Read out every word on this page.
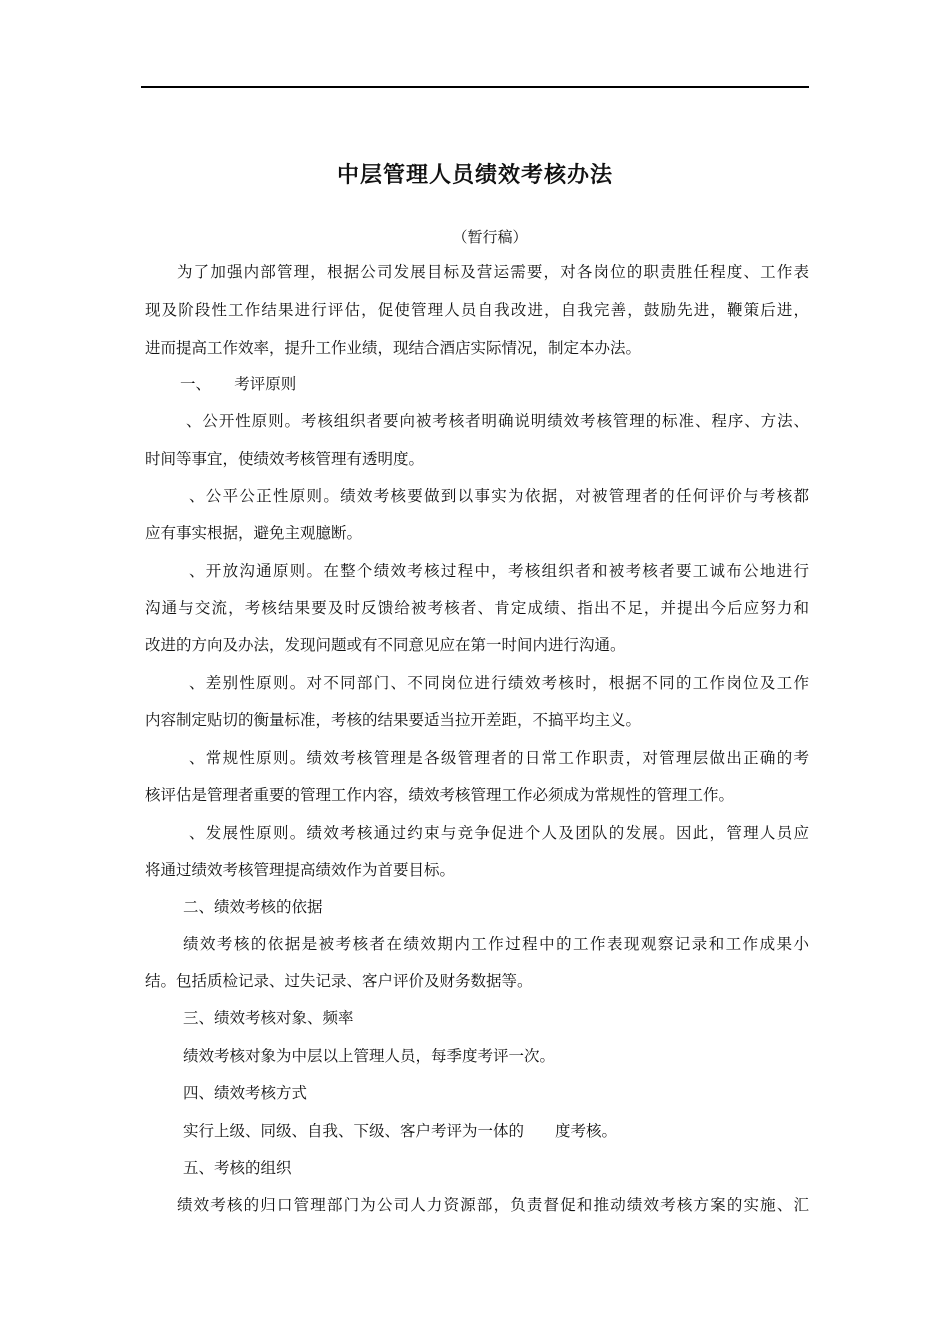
中层管理人员绩效考核办法
（暂行稿）
为了加强内部管理，根据公司发展目标及营运需要，对各岗位的职责胜任程度、工作表
现及阶段性工作结果进行评估，促使管理人员自我改进，自我完善，鼓励先进，鞭策后进，
进而提高工作效率，提升工作业绩，现结合酒店实际情况，制定本办法。
一、　　考评原则
、公开性原则。考核组织者要向被考核者明确说明绩效考核管理的标准、程序、方法、
时间等事宜，使绩效考核管理有透明度。
、公平公正性原则。绩效考核要做到以事实为依据，对被管理者的任何评价与考核都
应有事实根据，避免主观臆断。
、开放沟通原则。在整个绩效考核过程中，考核组织者和被考核者要工诚布公地进行
沟通与交流，考核结果要及时反馈给被考核者、肯定成绩、指出不足，并提出今后应努力和
改进的方向及办法，发现问题或有不同意见应在第一时间内进行沟通。
、差别性原则。对不同部门、不同岗位进行绩效考核时，根据不同的工作岗位及工作
内容制定贴切的衡量标准，考核的结果要适当拉开差距，不搞平均主义。
、常规性原则。绩效考核管理是各级管理者的日常工作职责，对管理层做出正确的考
核评估是管理者重要的管理工作内容，绩效考核管理工作必须成为常规性的管理工作。
、发展性原则。绩效考核通过约束与竞争促进个人及团队的发展。因此，管理人员应
将通过绩效考核管理提高绩效作为首要目标。
二、绩效考核的依据
绩效考核的依据是被考核者在绩效期内工作过程中的工作表现观察记录和工作成果小
结。包括质检记录、过失记录、客户评价及财务数据等。
三、绩效考核对象、频率
绩效考核对象为中层以上管理人员，每季度考评一次。
四、绩效考核方式
实行上级、同级、自我、下级、客户考评为一体的　　度考核。
五、考核的组织
绩效考核的归口管理部门为公司人力资源部，负责督促和推动绩效考核方案的实施、汇
